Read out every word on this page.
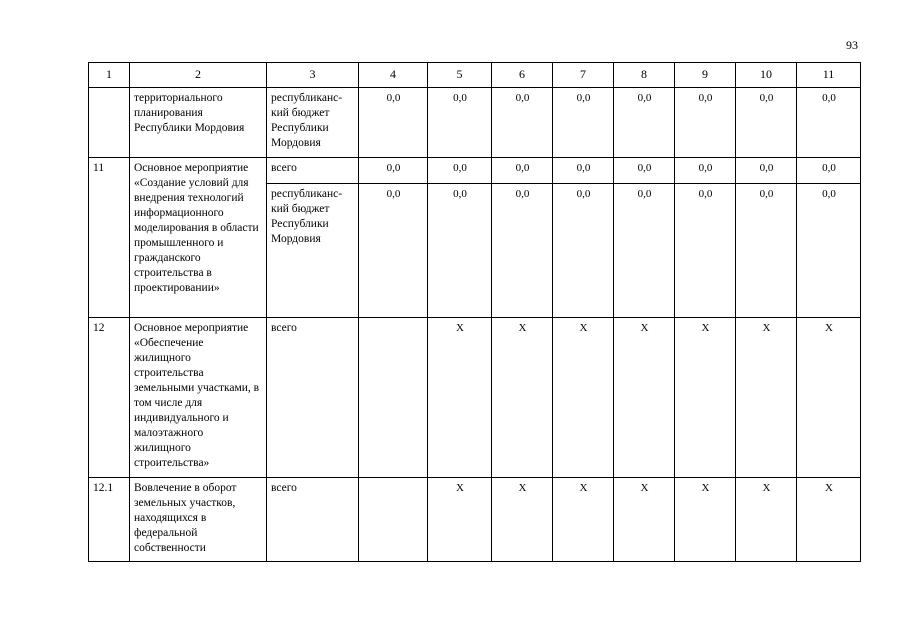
93
1	2	3	4	5	6	7	8	9	10	11
	территориального планирования Республики Мордовия	республиканс-кий бюджет Республики Мордовия	0,0	0,0	0,0	0,0	0,0	0,0	0,0	0,0
11	Основное мероприятие «Создание условий для внедрения технологий информационного моделирования в области промышленного и гражданского строительства в проектировании»	всего	0,0	0,0	0,0	0,0	0,0	0,0	0,0	0,0
		республиканс-кий бюджет Республики Мордовия	0,0	0,0	0,0	0,0	0,0	0,0	0,0	0,0
12	Основное мероприятие «Обеспечение жилищного строительства земельными участками, в том числе для индивидуального и малоэтажного жилищного строительства»	всего		Х	Х	Х	Х	Х	Х	Х
12.1	Вовлечение в оборот земельных участков, находящихся в федеральной собственности	всего		Х	Х	Х	Х	Х	Х	Х
